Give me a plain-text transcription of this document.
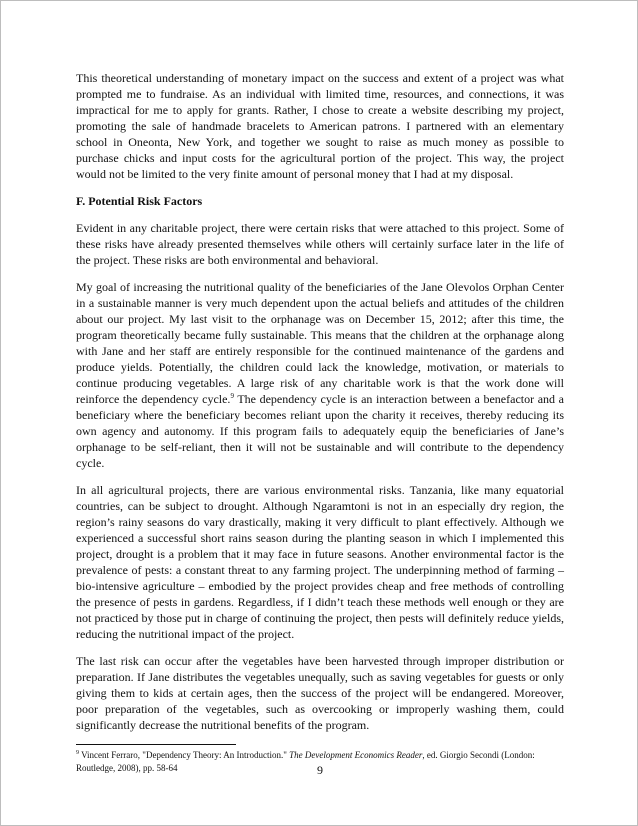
This theoretical understanding of monetary impact on the success and extent of a project was what prompted me to fundraise. As an individual with limited time, resources, and connections, it was impractical for me to apply for grants. Rather, I chose to create a website describing my project, promoting the sale of handmade bracelets to American patrons. I partnered with an elementary school in Oneonta, New York, and together we sought to raise as much money as possible to purchase chicks and input costs for the agricultural portion of the project. This way, the project would not be limited to the very finite amount of personal money that I had at my disposal.

F. Potential Risk Factors

Evident in any charitable project, there were certain risks that were attached to this project. Some of these risks have already presented themselves while others will certainly surface later in the life of the project. These risks are both environmental and behavioral.

My goal of increasing the nutritional quality of the beneficiaries of the Jane Olevolos Orphan Center in a sustainable manner is very much dependent upon the actual beliefs and attitudes of the children about our project. My last visit to the orphanage was on December 15, 2012; after this time, the program theoretically became fully sustainable. This means that the children at the orphanage along with Jane and her staff are entirely responsible for the continued maintenance of the gardens and produce yields. Potentially, the children could lack the knowledge, motivation, or materials to continue producing vegetables. A large risk of any charitable work is that the work done will reinforce the dependency cycle.$^9$ The dependency cycle is an interaction between a benefactor and a beneficiary where the beneficiary becomes reliant upon the charity it receives, thereby reducing its own agency and autonomy. If this program fails to adequately equip the beneficiaries of Jane’s orphanage to be self-reliant, then it will not be sustainable and will contribute to the dependency cycle.

In all agricultural projects, there are various environmental risks. Tanzania, like many equatorial countries, can be subject to drought. Although Ngaramtoni is not in an especially dry region, the region’s rainy seasons do vary drastically, making it very difficult to plant effectively. Although we experienced a successful short rains season during the planting season in which I implemented this project, drought is a problem that it may face in future seasons. Another environmental factor is the prevalence of pests: a constant threat to any farming project. The underpinning method of farming – bio-intensive agriculture – embodied by the project provides cheap and free methods of controlling the presence of pests in gardens. Regardless, if I didn’t teach these methods well enough or they are not practiced by those put in charge of continuing the project, then pests will definitely reduce yields, reducing the nutritional impact of the project.

The last risk can occur after the vegetables have been harvested through improper distribution or preparation. If Jane distributes the vegetables unequally, such as saving vegetables for guests or only giving them to kids at certain ages, then the success of the project will be endangered. Moreover, poor preparation of the vegetables, such as overcooking or improperly washing them, could significantly decrease the nutritional benefits of the program.

$^9$ Vincent Ferraro, "Dependency Theory: An Introduction." The Development Economics Reader, ed. Giorgio Secondi (London: Routledge, 2008), pp. 58-64	9
